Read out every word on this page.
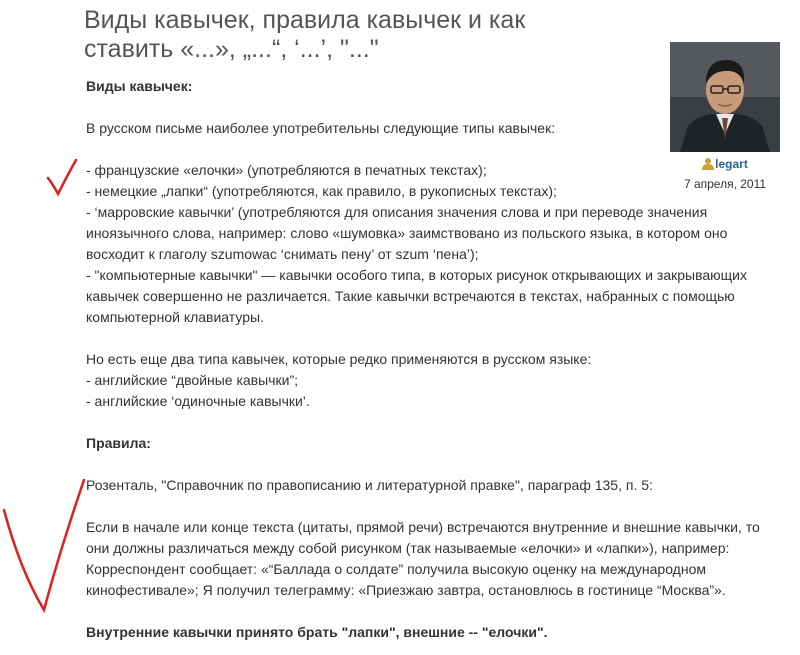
Виды кавычек, правила кавычек и как ставить «...», „...“, ‘...’, "..."
legart
7 апреля, 2011

Виды кавычек:

В русском письме наиболее употребительны следующие типы кавычек:

- французские «елочки» (употребляются в печатных текстах);

- немецкие „лапки“ (употребляются, как правило, в рукописных текстах);

- ‘марровские кавычки’ (употребляются для описания значения слова и при переводе значения иноязычного слова, например: слово «шумовка» заимствовано из польского языка, в котором оно восходит к глаголу szumowac ‘снимать пену’ от szum ‘пена’);

- "компьютерные кавычки" — кавычки особого типа, в которых рисунок открывающих и закрывающих кавычек совершенно не различается. Такие кавычки встречаются в текстах, набранных с помощью компьютерной клавиатуры.

Но есть еще два типа кавычек, которые редко применяются в русском языке:

- английские “двойные кавычки”;

- английские ‘одиночные кавычки’.

Правила:

Розенталь, "Справочник по правописанию и литературной правке", параграф 135, п. 5:

Если в начале или конце текста (цитаты, прямой речи) встречаются внутренние и внешние кавычки, то они должны различаться между собой рисунком (так называемые «елочки» и «лапки»), например: Корреспондент сообщает: «“Баллада о солдате” получила высокую оценку на международном кинофестивале»; Я получил телеграмму: «Приезжаю завтра, остановлюсь в гостинице “Москва”».

Внутренние кавычки принято брать "лапки", внешние -- "елочки".
